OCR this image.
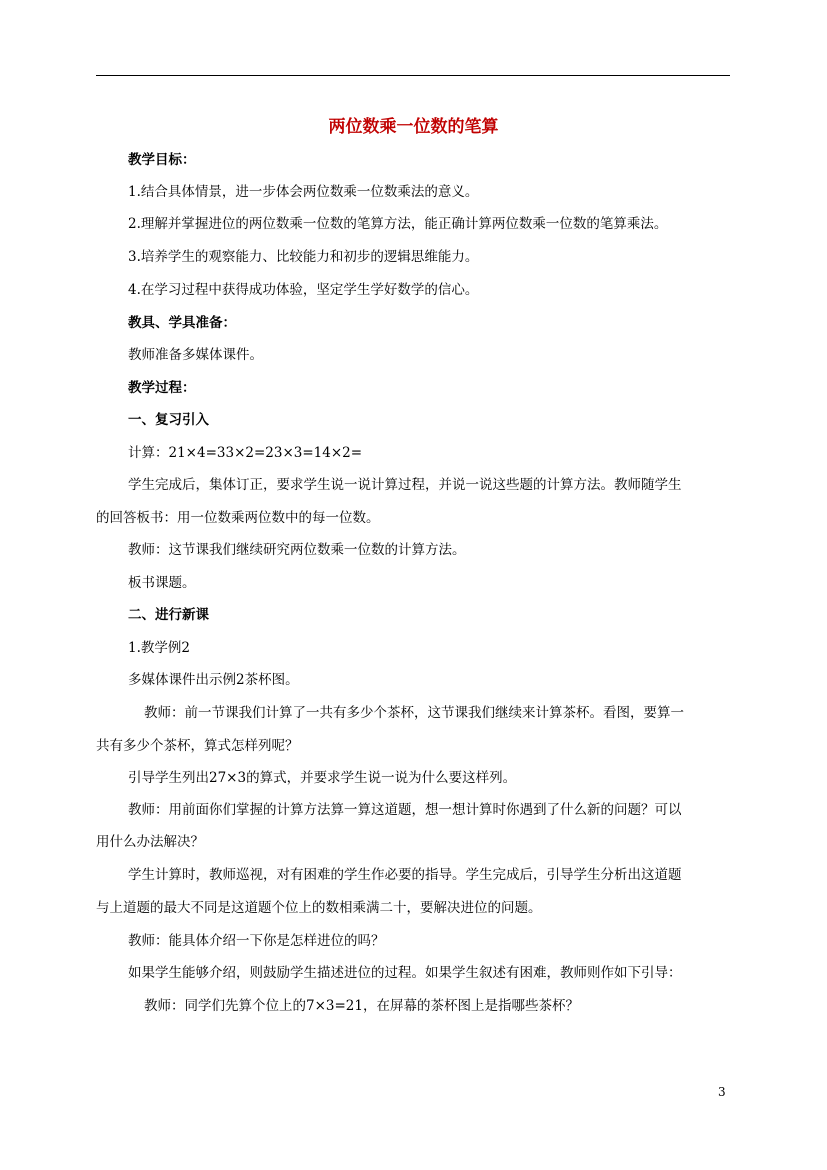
两位数乘一位数的笔算
教学目标：
1.结合具体情景，进一步体会两位数乘一位数乘法的意义。
2.理解并掌握进位的两位数乘一位数的笔算方法，能正确计算两位数乘一位数的笔算乘法。
3.培养学生的观察能力、比较能力和初步的逻辑思维能力。
4.在学习过程中获得成功体验，坚定学生学好数学的信心。
教具、学具准备：
教师准备多媒体课件。
教学过程：
一、复习引入
计算：21×4=33×2=23×3=14×2=
学生完成后，集体订正，要求学生说一说计算过程，并说一说这些题的计算方法。教师随学生
的回答板书：用一位数乘两位数中的每一位数。
教师：这节课我们继续研究两位数乘一位数的计算方法。
板书课题。
二、进行新课
1.教学例2
多媒体课件出示例2茶杯图。
教师：前一节课我们计算了一共有多少个茶杯，这节课我们继续来计算茶杯。看图，要算一
共有多少个茶杯，算式怎样列呢？
引导学生列出27×3的算式，并要求学生说一说为什么要这样列。
教师：用前面你们掌握的计算方法算一算这道题，想一想计算时你遇到了什么新的问题？可以
用什么办法解决？
学生计算时，教师巡视，对有困难的学生作必要的指导。学生完成后，引导学生分析出这道题
与上道题的最大不同是这道题个位上的数相乘满二十，要解决进位的问题。
教师：能具体介绍一下你是怎样进位的吗？
如果学生能够介绍，则鼓励学生描述进位的过程。如果学生叙述有困难，教师则作如下引导：
教师：同学们先算个位上的7×3=21，在屏幕的茶杯图上是指哪些茶杯？
3
